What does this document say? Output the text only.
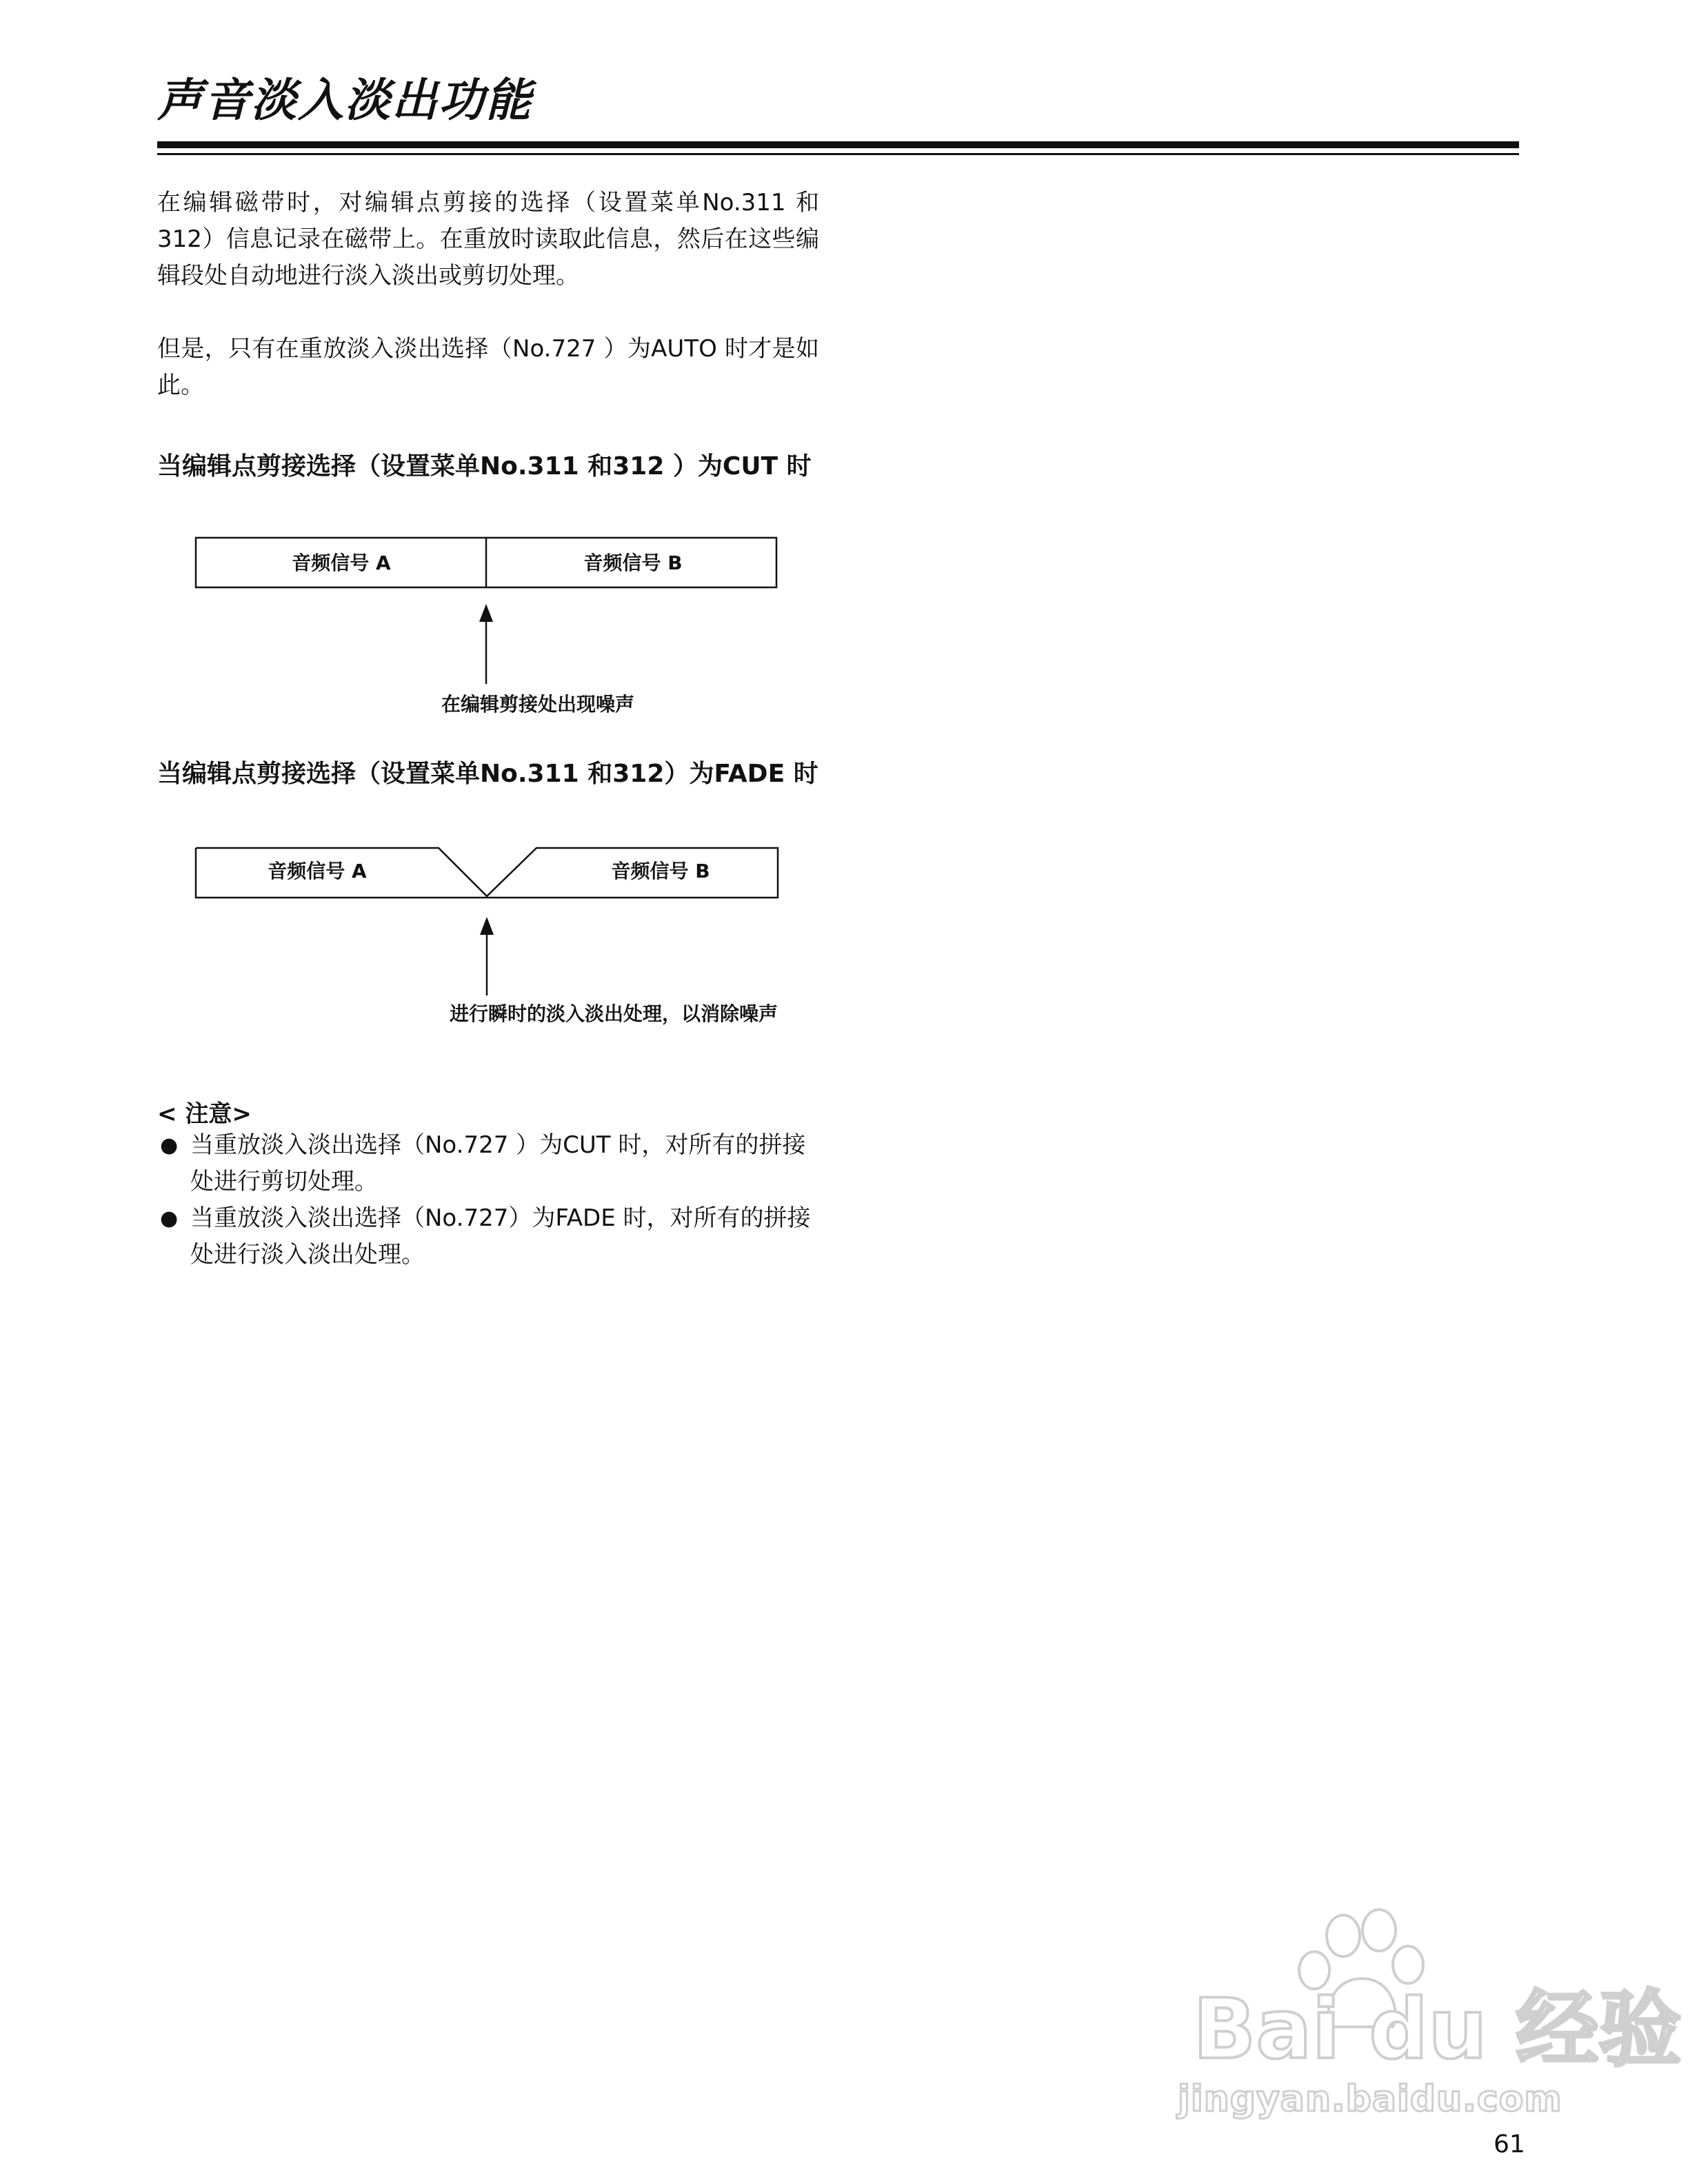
声音淡入淡出功能
在编辑磁带时，对编辑点剪接的选择（设置菜单No.311 和312）信息记录在磁带上。在重放时读取此信息，然后在这些编辑段处自动地进行淡入淡出或剪切处理。
但是，只有在重放淡入淡出选择（No.727 ）为AUTO 时才是如此。
当编辑点剪接选择（设置菜单No.311 和312 ）为CUT 时
音频信号 A	音频信号 B
在编辑剪接处出现噪声
音频信号 A	音频信号 B
进行瞬时的淡入淡出处理，以消除噪声
当编辑点剪接选择（设置菜单No.311 和312）为FADE 时
< 注意>
● 当重放淡入淡出选择（No.727 ）为CUT 时，对所有的拼接处进行剪切处理。
● 当重放淡入淡出选择（No.727）为FADE 时，对所有的拼接处进行淡入淡出处理。
Bai du 经验
jingyan.baidu.com
61
